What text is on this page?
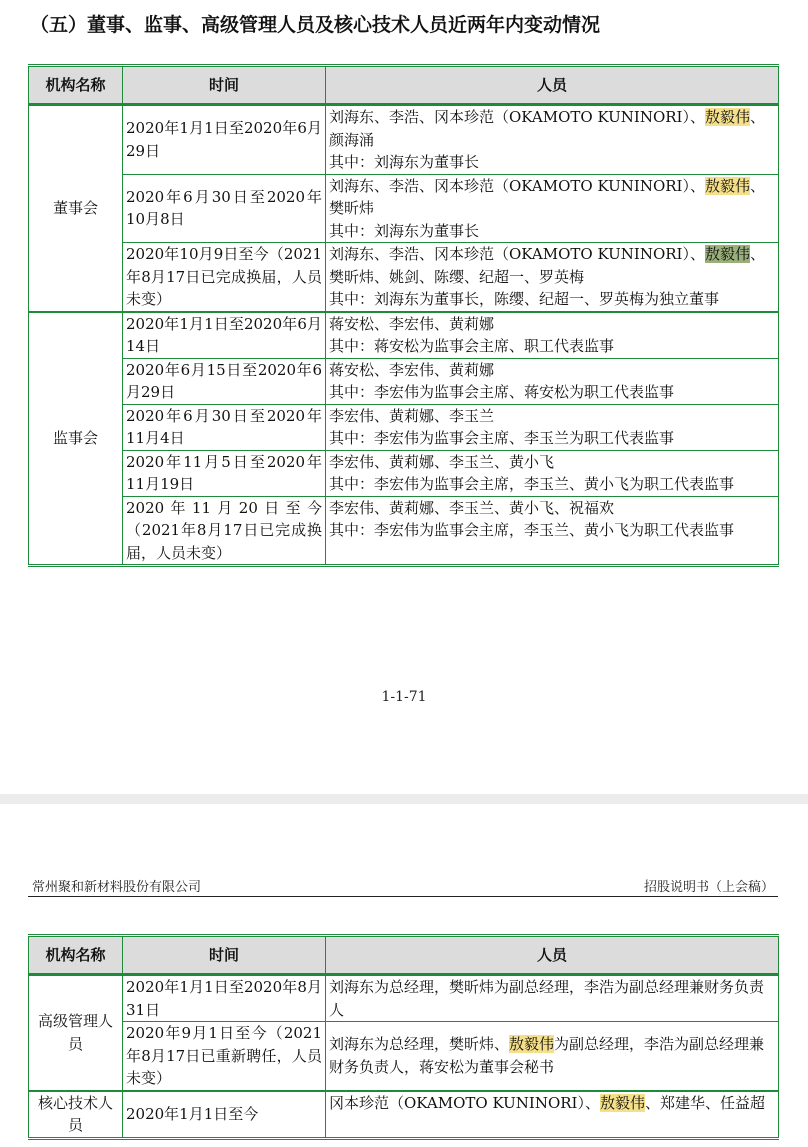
（五）董事、监事、高级管理人员及核心技术人员近两年内变动情况
机构名称	时间	人员
董事会	2020年1月1日至2020年6月29日	刘海东、李浩、冈本珍范（OKAMOTO KUNINORI）、敖毅伟、颜海涌
其中：刘海东为董事长
	2020年6月30日至2020年10月8日	刘海东、李浩、冈本珍范（OKAMOTO KUNINORI）、敖毅伟、樊昕炜
其中：刘海东为董事长
	2020年10月9日至今（2021年8月17日已完成换届，人员未变）	刘海东、李浩、冈本珍范（OKAMOTO KUNINORI）、敖毅伟、樊昕炜、姚剑、陈缨、纪超一、罗英梅
其中：刘海东为董事长，陈缨、纪超一、罗英梅为独立董事
监事会	2020年1月1日至2020年6月14日	蒋安松、李宏伟、黄莉娜
其中：蒋安松为监事会主席、职工代表监事
	2020年6月15日至2020年6月29日	蒋安松、李宏伟、黄莉娜
其中：李宏伟为监事会主席、蒋安松为职工代表监事
	2020年6月30日至2020年11月4日	李宏伟、黄莉娜、李玉兰
其中：李宏伟为监事会主席、李玉兰为职工代表监事
	2020年11月5日至2020年11月19日	李宏伟、黄莉娜、李玉兰、黄小飞
其中：李宏伟为监事会主席，李玉兰、黄小飞为职工代表监事
	2020年11月20日至今（2021年8月17日已完成换届，人员未变）	李宏伟、黄莉娜、李玉兰、黄小飞、祝福欢
其中：李宏伟为监事会主席，李玉兰、黄小飞为职工代表监事
1-1-71
常州聚和新材料股份有限公司	招股说明书（上会稿）
机构名称	时间	人员
高级管理人员	2020年1月1日至2020年8月31日	刘海东为总经理，樊昕炜为副总经理，李浩为副总经理兼财务负责人
	2020年9月1日至今（2021年8月17日已重新聘任，人员未变）	刘海东为总经理，樊昕炜、敖毅伟为副总经理，李浩为副总经理兼财务负责人，蒋安松为董事会秘书
核心技术人员	2020年1月1日至今	冈本珍范（OKAMOTO KUNINORI）、敖毅伟、郑建华、任益超
